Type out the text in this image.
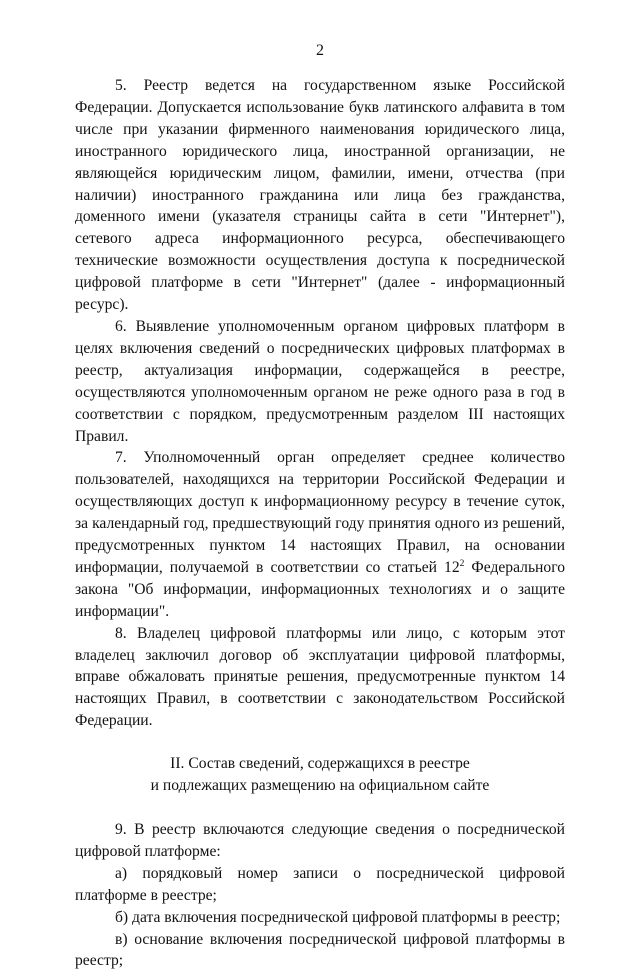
2

5. Реестр ведется на государственном языке Российской Федерации. Допускается использование букв латинского алфавита в том числе при указании фирменного наименования юридического лица, иностранного юридического лица, иностранной организации, не являющейся юридическим лицом, фамилии, имени, отчества (при наличии) иностранного гражданина или лица без гражданства, доменного имени (указателя страницы сайта в сети "Интернет"), сетевого адреса информационного ресурса, обеспечивающего технические возможности осуществления доступа к посреднической цифровой платформе в сети "Интернет" (далее - информационный ресурс).

6. Выявление уполномоченным органом цифровых платформ в целях включения сведений о посреднических цифровых платформах в реестр, актуализация информации, содержащейся в реестре, осуществляются уполномоченным органом не реже одного раза в год в соответствии с порядком, предусмотренным разделом III настоящих Правил.

7. Уполномоченный орган определяет среднее количество пользователей, находящихся на территории Российской Федерации и осуществляющих доступ к информационному ресурсу в течение суток, за календарный год, предшествующий году принятия одного из решений, предусмотренных пунктом 14 настоящих Правил, на основании информации, получаемой в соответствии со статьей $12^2$ Федерального закона "Об информации, информационных технологиях и о защите информации".

8. Владелец цифровой платформы или лицо, с которым этот владелец заключил договор об эксплуатации цифровой платформы, вправе обжаловать принятые решения, предусмотренные пунктом 14 настоящих Правил, в соответствии с законодательством Российской Федерации.

II. Состав сведений, содержащихся в реестре
и подлежащих размещению на официальном сайте

9. В реестр включаются следующие сведения о посреднической цифровой платформе:

а) порядковый номер записи о посреднической цифровой платформе в реестре;

б) дата включения посреднической цифровой платформы в реестр;

в) основание включения посреднической цифровой платформы в реестр;
